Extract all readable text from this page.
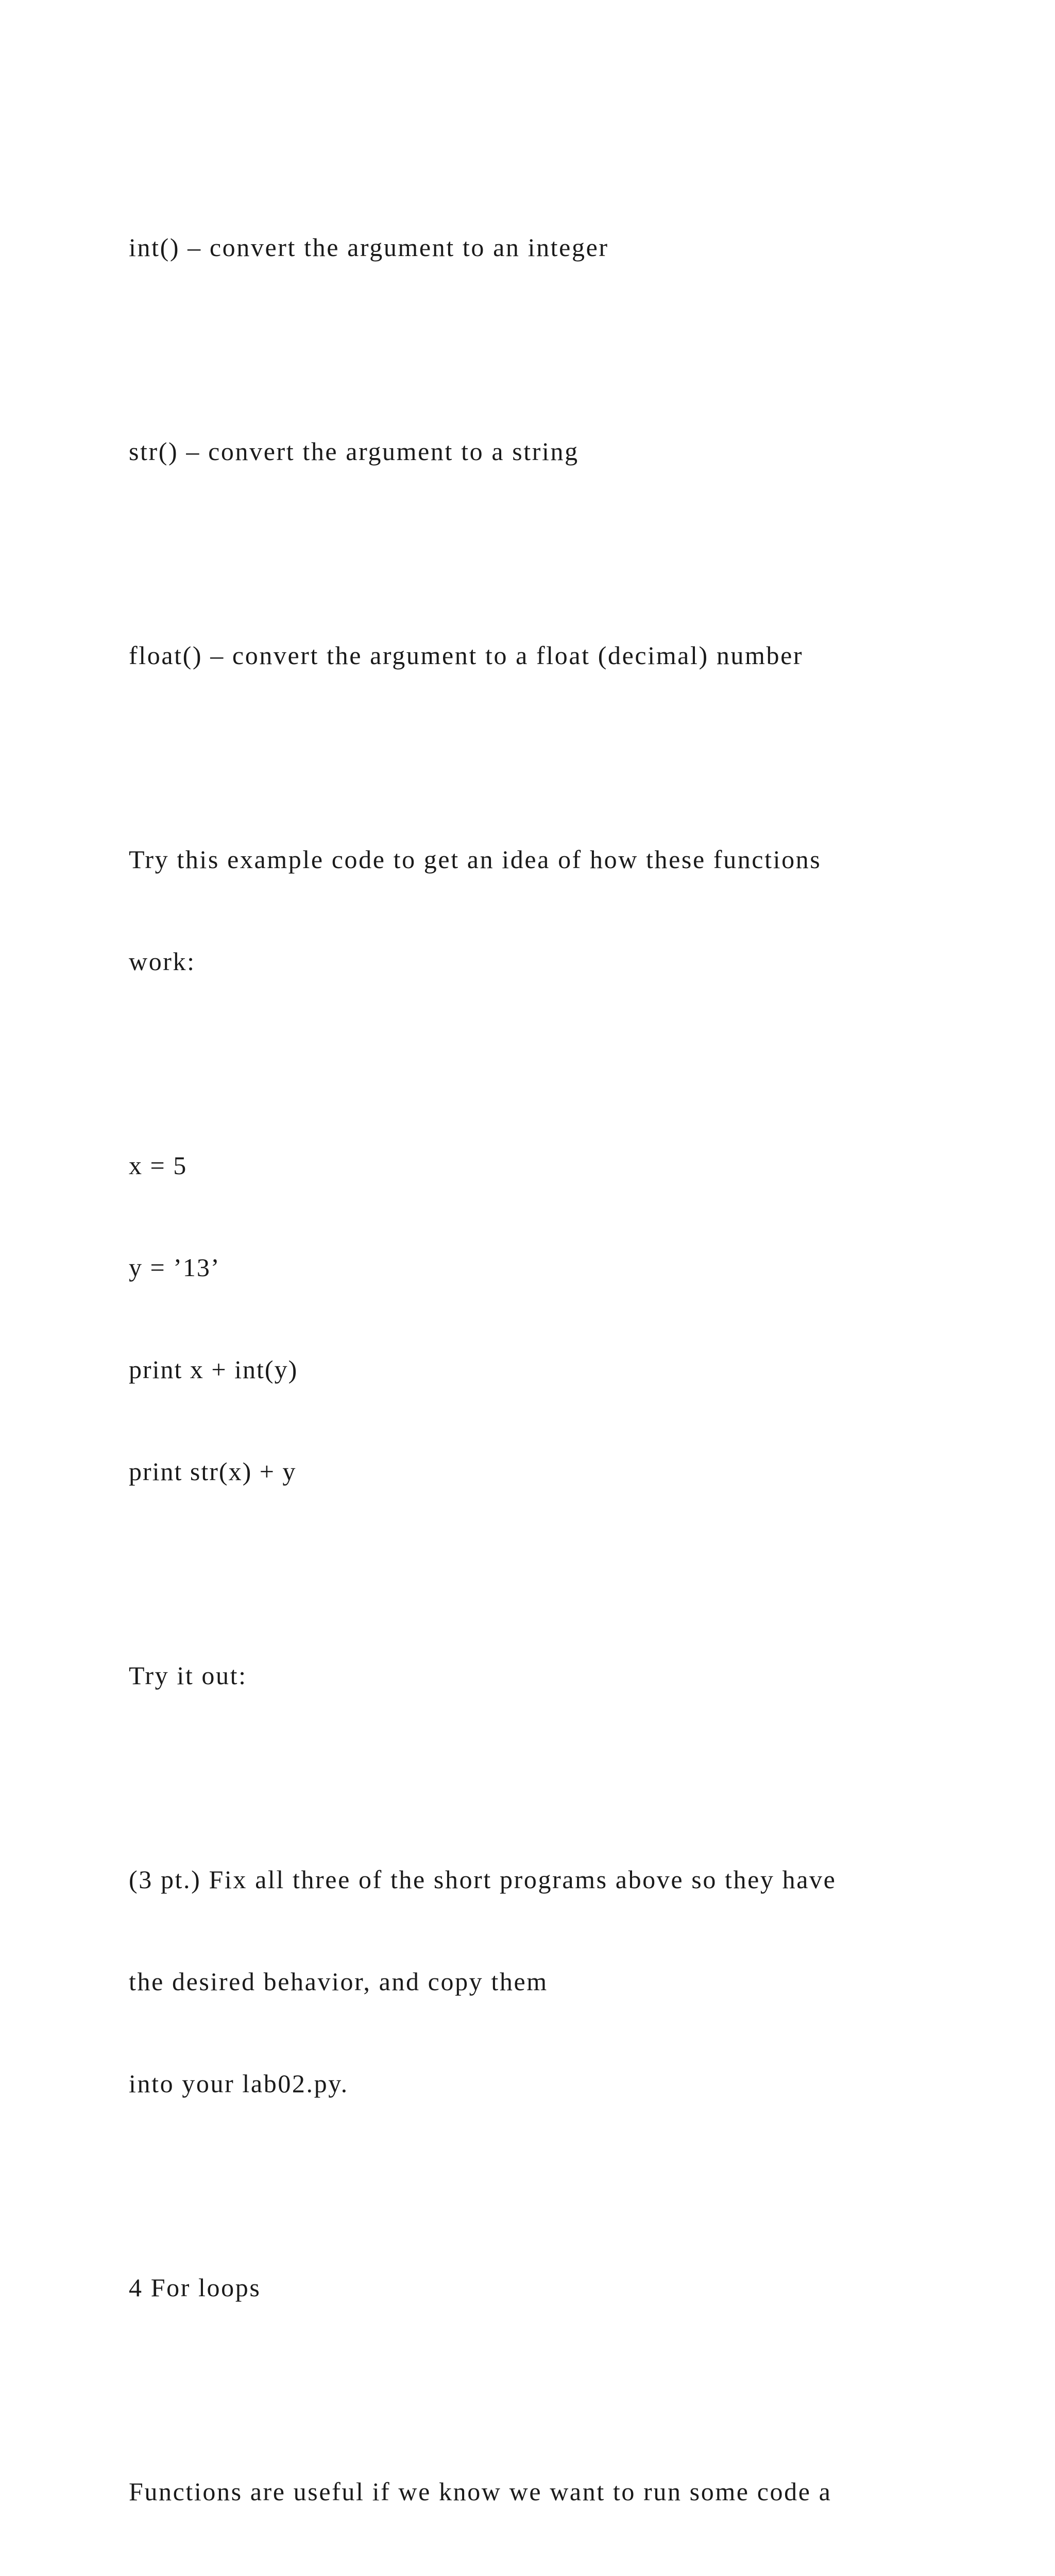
int() – convert the argument to an integer

str() – convert the argument to a string

float() – convert the argument to a float (decimal) number

Try this example code to get an idea of how these functions

work:

x = 5

y = ’13’

print x + int(y)

print str(x) + y

Try it out:

(3 pt.) Fix all three of the short programs above so they have

the desired behavior, and copy them

into your lab02.py.

4 For loops

Functions are useful if we know we want to run some code a
